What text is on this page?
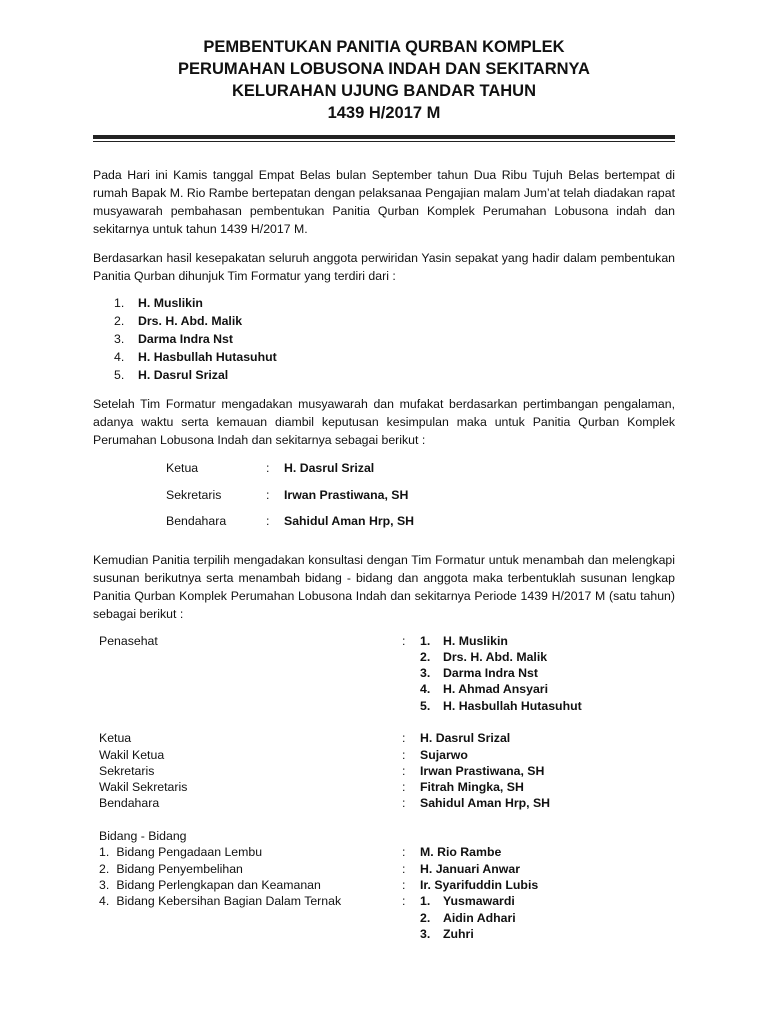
PEMBENTUKAN PANITIA QURBAN KOMPLEK
PERUMAHAN LOBUSONA INDAH DAN SEKITARNYA
KELURAHAN UJUNG BANDAR TAHUN
1439 H/2017 M

Pada Hari ini Kamis tanggal Empat Belas bulan September tahun Dua Ribu Tujuh Belas bertempat di rumah Bapak M. Rio Rambe bertepatan dengan pelaksanaa Pengajian malam Jum’at telah diadakan rapat musyawarah pembahasan pembentukan Panitia Qurban Komplek Perumahan Lobusona indah dan sekitarnya untuk tahun 1439 H/2017 M.

Berdasarkan hasil kesepakatan seluruh anggota perwiridan Yasin sepakat yang hadir dalam pembentukan Panitia Qurban dihunjuk Tim Formatur yang terdiri dari :

1.	H. Muslikin
2.	Drs. H. Abd. Malik
3.	Darma Indra Nst
4.	H. Hasbullah Hutasuhut
5.	H. Dasrul Srizal

Setelah Tim Formatur mengadakan musyawarah dan mufakat berdasarkan pertimbangan pengalaman, adanya waktu serta kemauan diambil keputusan kesimpulan maka untuk Panitia Qurban Komplek Perumahan Lobusona Indah dan sekitarnya sebagai berikut :

Ketua	:	H. Dasrul Srizal
Sekretaris	:	Irwan Prastiwana, SH
Bendahara	:	Sahidul Aman Hrp, SH

Kemudian Panitia terpilih mengadakan konsultasi dengan Tim Formatur untuk menambah dan melengkapi susunan berikutnya serta menambah bidang - bidang dan anggota maka terbentuklah susunan lengkap Panitia Qurban Komplek Perumahan Lobusona Indah dan sekitarnya Periode 1439 H/2017 M (satu tahun) sebagai berikut :

Penasehat	:	1.	H. Muslikin
2.	Drs. H. Abd. Malik
3.	Darma Indra Nst
4.	H. Ahmad Ansyari
5.	H. Hasbullah Hutasuhut
Ketua	:	H. Dasrul Srizal
Wakil Ketua	:	Sujarwo
Sekretaris	:	Irwan Prastiwana, SH
Wakil Sekretaris	:	Fitrah Mingka, SH
Bendahara	:	Sahidul Aman Hrp, SH
Bidang - Bidang
1. Bidang Pengadaan Lembu	:	M. Rio Rambe
2. Bidang Penyembelihan	:	H. Januari Anwar
3. Bidang Perlengkapan dan Keamanan	:	Ir. Syarifuddin Lubis
4. Bidang Kebersihan Bagian Dalam Ternak	:	1.	Yusmawardi
2.	Aidin Adhari
3.	Zuhri
